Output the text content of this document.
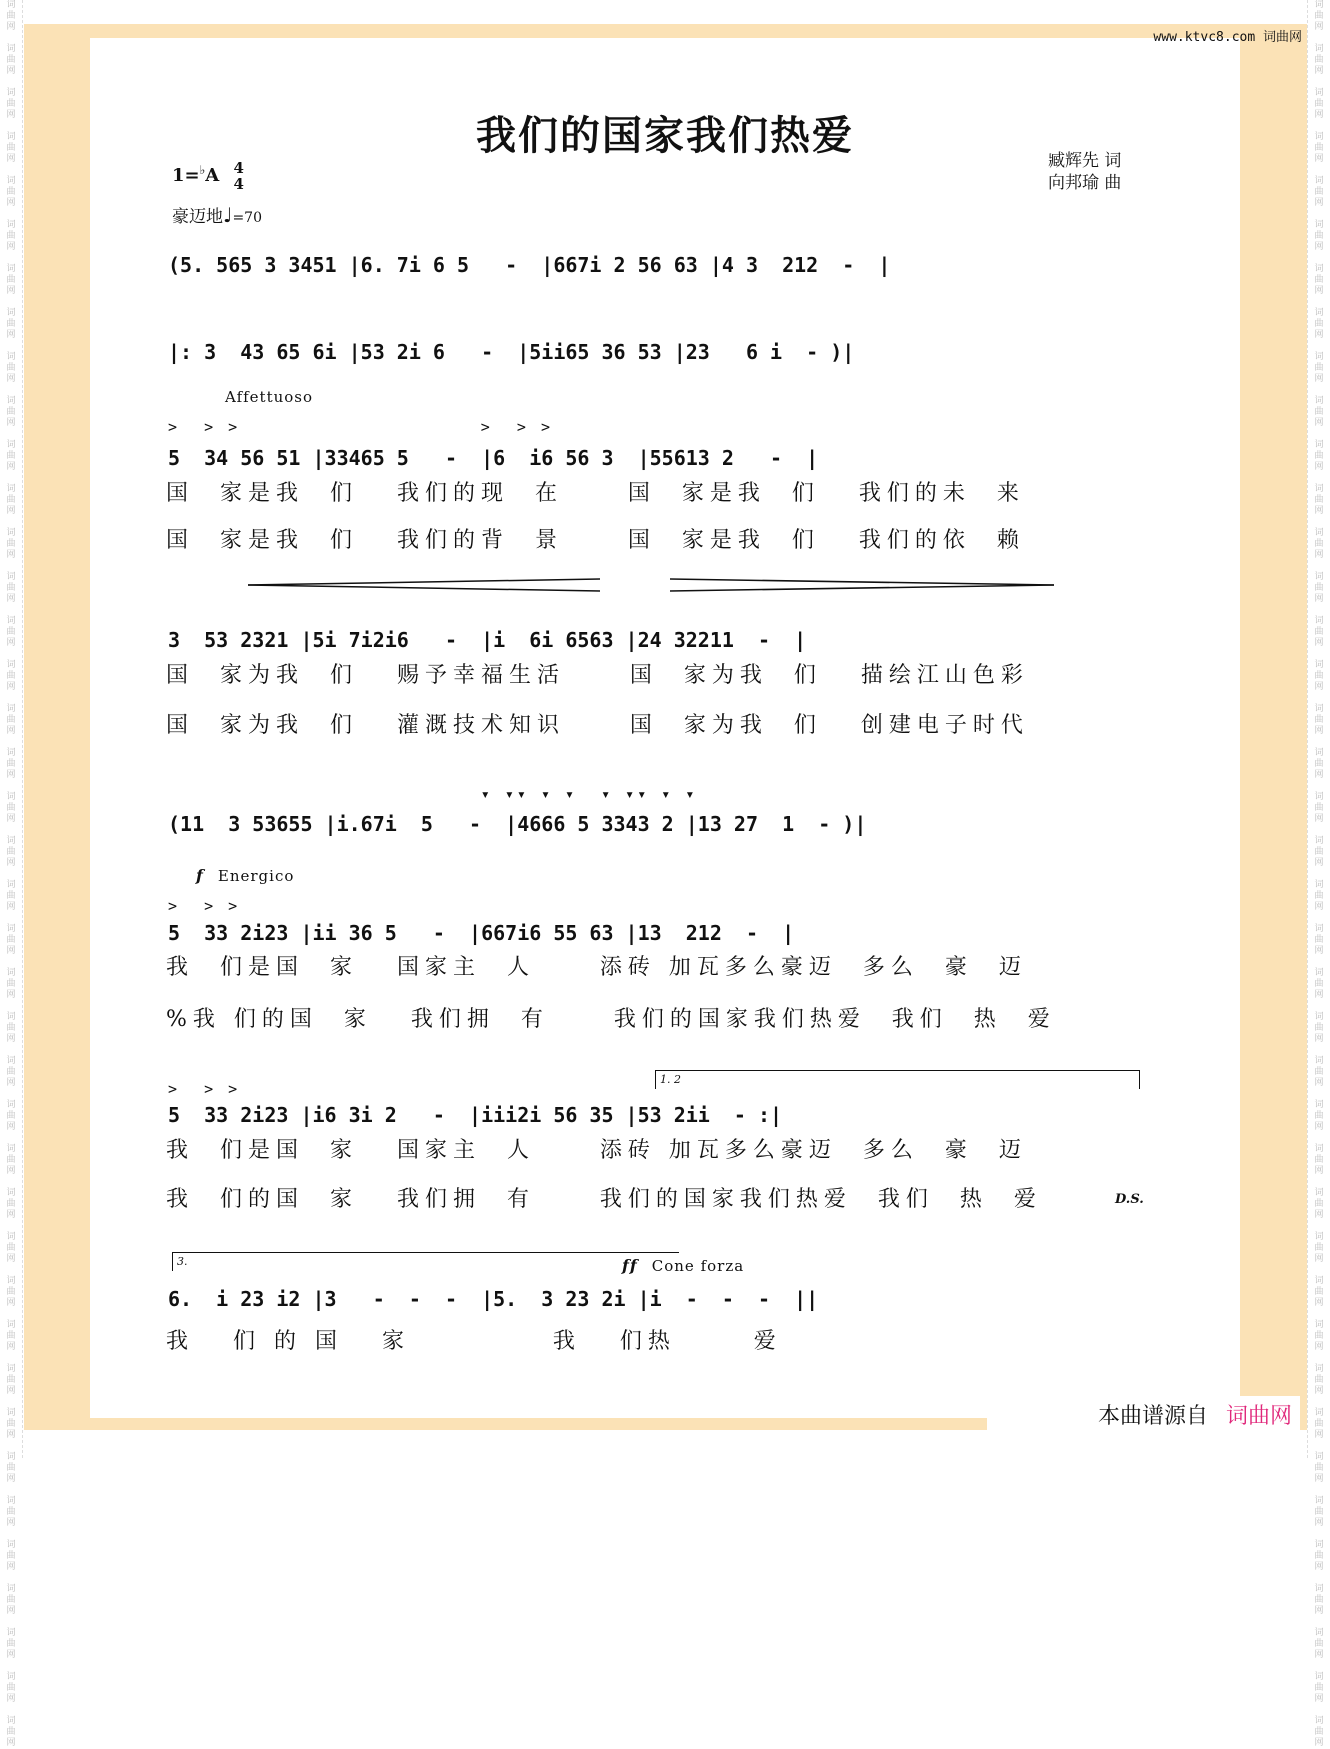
词
曲
网

词
曲
网

词
曲
网

词
曲
网

词
曲
网

词
曲
网

词
曲
网

词
曲
网

词
曲
网

词
曲
网

词
曲
网

词
曲
网

词
曲
网

词
曲
网

词
曲
网

词
曲
网

词
曲
网

词
曲
网

词
曲
网

词
曲
网

词
曲
网

词
曲
网

词
曲
网

词
曲
网

词
曲
网

词
曲
网

词
曲
网

词
曲
网

词
曲
网

词
曲
网

词
曲
网

词
曲
网

词
曲
网

词
曲
网

词
曲
网

词
曲
网

词
曲
网

词
曲
网

词
曲
网

词
曲
网
词
曲
网

词
曲
网

词
曲
网

词
曲
网

词
曲
网

词
曲
网

词
曲
网

词
曲
网

词
曲
网

词
曲
网

词
曲
网

词
曲
网

词
曲
网

词
曲
网

词
曲
网

词
曲
网

词
曲
网

词
曲
网

词
曲
网

词
曲
网

词
曲
网

词
曲
网

词
曲
网

词
曲
网

词
曲
网

词
曲
网

词
曲
网

词
曲
网

词
曲
网

词
曲
网

词
曲
网

词
曲
网

词
曲
网

词
曲
网

词
曲
网

词
曲
网

词
曲
网

词
曲
网

词
曲
网

词
曲
网
www.ktvc8.com 词曲网
我们的国家我们热爱
臧辉先 词
向邦瑜 曲
1=♭A 4
4
豪迈地♩=70
(5. 565 3 3451 |6. 7i 6 5   -  |667i 2 56 63 |4 3  212  -  |
|: 3  43 65 6i |53 2i 6   -  |5ii65 36 53 |23   6 i  - )|
Affettuoso
>  > >                    >  > >
5  34 56 51 |33465 5   -  |6  i6 56 3  |55613 2   -  |
国  家是我  们   我们的现  在     国  家是我  们   我们的未  来
国  家是我  们   我们的背  景     国  家是我  们   我们的依  赖
3  53 2321 |5i 7i2i6   -  |i  6i 6563 |24 32211  -  |
国  家为我  们   赐予幸福生活     国  家为我  们   描绘江山色彩
国  家为我  们   灌溉技术知识     国  家为我  们   创建电子时代
▾ ▾▾ ▾ ▾  ▾ ▾▾ ▾ ▾
(11  3 53655 |i.67i  5   -  |4666 5 3343 2 |13 27  1  - )|
f Energico
>  > >
5  33 2i23 |ii 36 5   -  |667i6 55 63 |13  212  -  |
我  们是国  家   国家主  人     添砖 加瓦多么豪迈  多么  豪  迈
%我 们的国  家   我们拥  有     我们的国家我们热爱  我们  热  爱
1. 2
>  > >
5  33 2i23 |i6 3i 2   -  |iii2i 56 35 |53 2ii  - :|
我  们是国  家   国家主  人     添砖 加瓦多么豪迈  多么  豪  迈
我  们的国  家   我们拥  有     我们的国家我们热爱  我们  热  爱	D.S.
3.	ff Cone forza
6.  i 23 i2 |3   -  -  -  |5.  3 23 2i |i  -  -  -  ||
我   们 的 国   家           我   们热      爱
本曲谱源自 词曲网
